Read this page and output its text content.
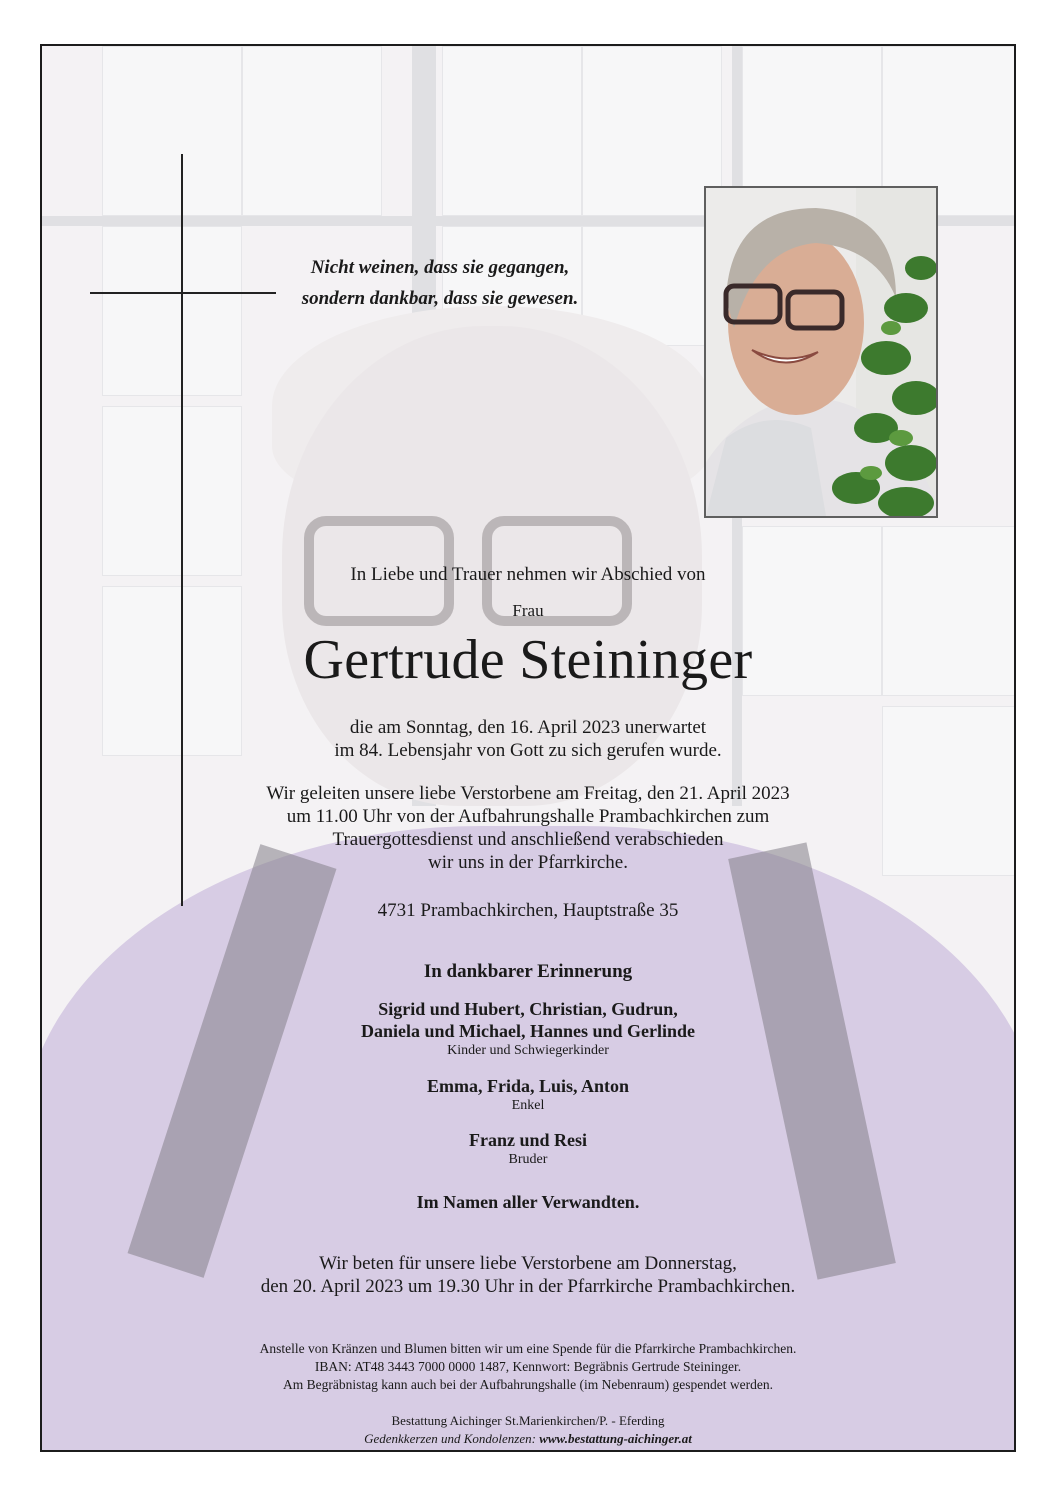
Nicht weinen, dass sie gegangen,
sondern dankbar, dass sie gewesen.
In Liebe und Trauer nehmen wir Abschied von
Frau
Gertrude Steininger
die am Sonntag, den 16. April 2023 unerwartet
im 84. Lebensjahr von Gott zu sich gerufen wurde.
Wir geleiten unsere liebe Verstorbene am Freitag, den 21. April 2023
um 11.00 Uhr von der Aufbahrungshalle Prambachkirchen zum
Trauergottesdienst und anschließend verabschieden
wir uns in der Pfarrkirche.
4731 Prambachkirchen, Hauptstraße 35
In dankbarer Erinnerung
Sigrid und Hubert, Christian, Gudrun,
Daniela und Michael, Hannes und Gerlinde
Kinder und Schwiegerkinder
Emma, Frida, Luis, Anton
Enkel
Franz und Resi
Bruder
Im Namen aller Verwandten.
Wir beten für unsere liebe Verstorbene am Donnerstag,
den 20. April 2023 um 19.30 Uhr in der Pfarrkirche Prambachkirchen.
Anstelle von Kränzen und Blumen bitten wir um eine Spende für die Pfarrkirche Prambachkirchen.
IBAN: AT48 3443 7000 0000 1487, Kennwort: Begräbnis Gertrude Steininger.
Am Begräbnistag kann auch bei der Aufbahrungshalle (im Nebenraum) gespendet werden.
Bestattung Aichinger St.Marienkirchen/P. - Eferding
Gedenkkerzen und Kondolenzen: www.bestattung-aichinger.at
